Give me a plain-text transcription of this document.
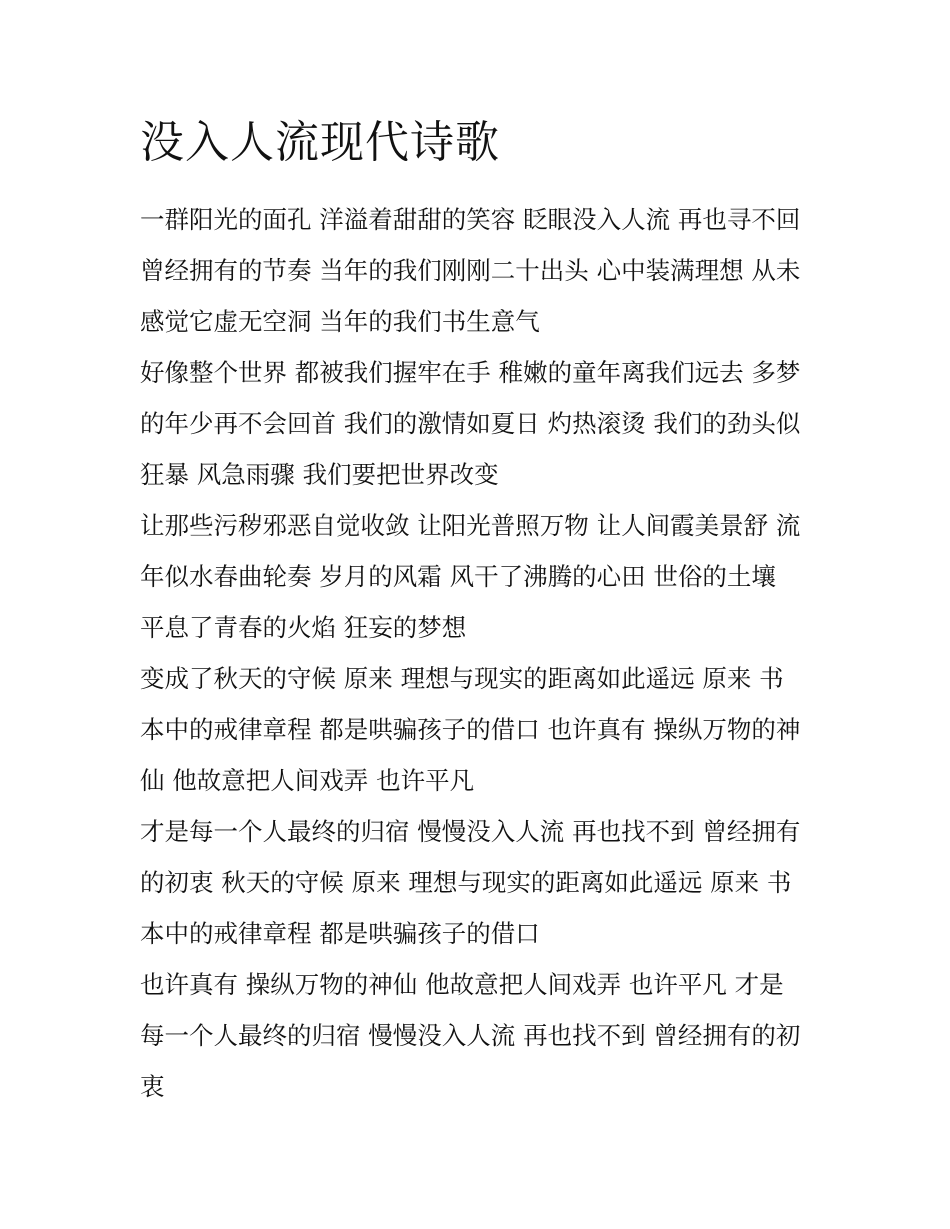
没入人流现代诗歌
一群阳光的面孔 洋溢着甜甜的笑容 眨眼没入人流 再也寻不回
曾经拥有的节奏 当年的我们刚刚二十出头 心中装满理想 从未
感觉它虚无空洞 当年的我们书生意气
好像整个世界 都被我们握牢在手 稚嫩的童年离我们远去 多梦
的年少再不会回首 我们的激情如夏日 灼热滚烫 我们的劲头似
狂暴 风急雨骤 我们要把世界改变
让那些污秽邪恶自觉收敛 让阳光普照万物 让人间霞美景舒 流
年似水春曲轮奏 岁月的风霜 风干了沸腾的心田 世俗的土壤
平息了青春的火焰 狂妄的梦想
变成了秋天的守候 原来 理想与现实的距离如此遥远 原来 书
本中的戒律章程 都是哄骗孩子的借口 也许真有 操纵万物的神
仙 他故意把人间戏弄 也许平凡
才是每一个人最终的归宿 慢慢没入人流 再也找不到 曾经拥有
的初衷 秋天的守候 原来 理想与现实的距离如此遥远 原来 书
本中的戒律章程 都是哄骗孩子的借口
也许真有 操纵万物的神仙 他故意把人间戏弄 也许平凡 才是
每一个人最终的归宿 慢慢没入人流 再也找不到 曾经拥有的初
衷
